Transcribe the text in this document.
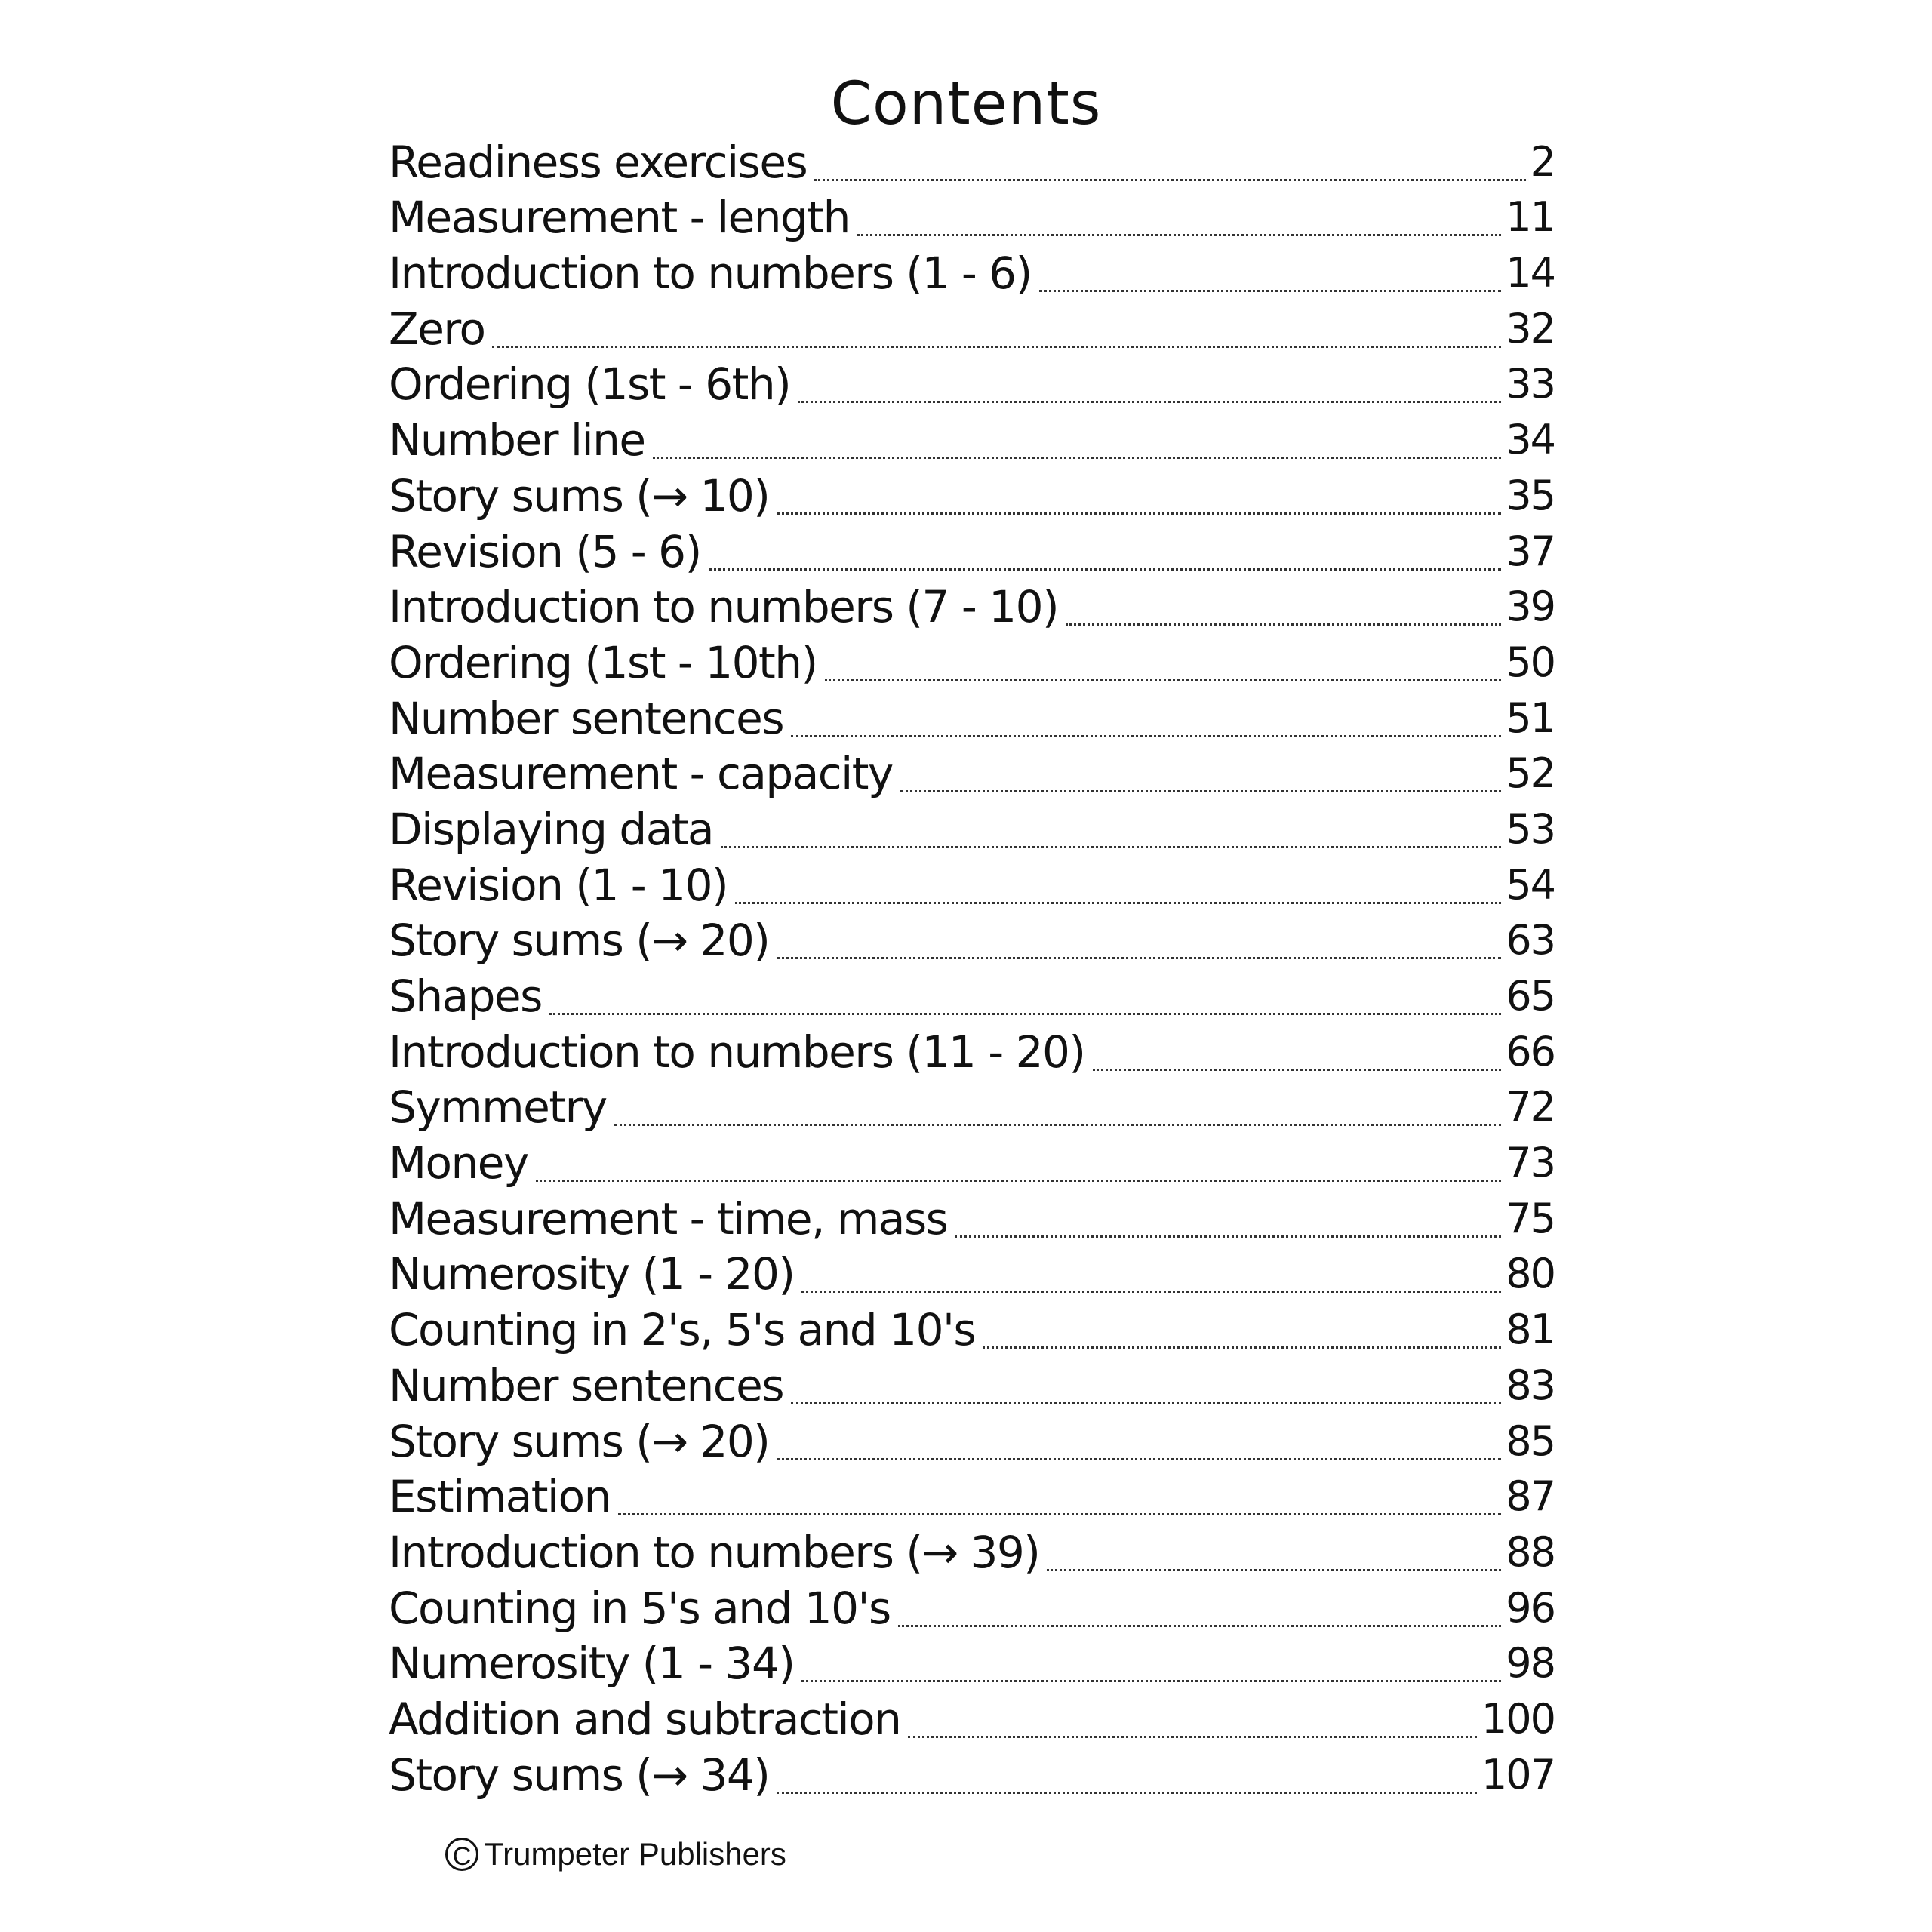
Contents
Readiness exercises	2
Measurement - length	11
Introduction to numbers (1 - 6)	14
Zero	32
Ordering (1st - 6th)	33
Number line	34
Story sums (→ 10)	35
Revision (5 - 6)	37
Introduction to numbers (7 - 10)	39
Ordering (1st - 10th)	50
Number sentences	51
Measurement - capacity	52
Displaying data	53
Revision (1 - 10)	54
Story sums (→ 20)	63
Shapes	65
Introduction to numbers (11 - 20)	66
Symmetry	72
Money	73
Measurement - time, mass	75
Numerosity (1 - 20)	80
Counting in 2's, 5's and 10's	81
Number sentences	83
Story sums (→ 20)	85
Estimation	87
Introduction to numbers (→ 39)	88
Counting in 5's and 10's	96
Numerosity (1 - 34)	98
Addition and subtraction	100
Story sums (→ 34)	107
C Trumpeter Publishers
